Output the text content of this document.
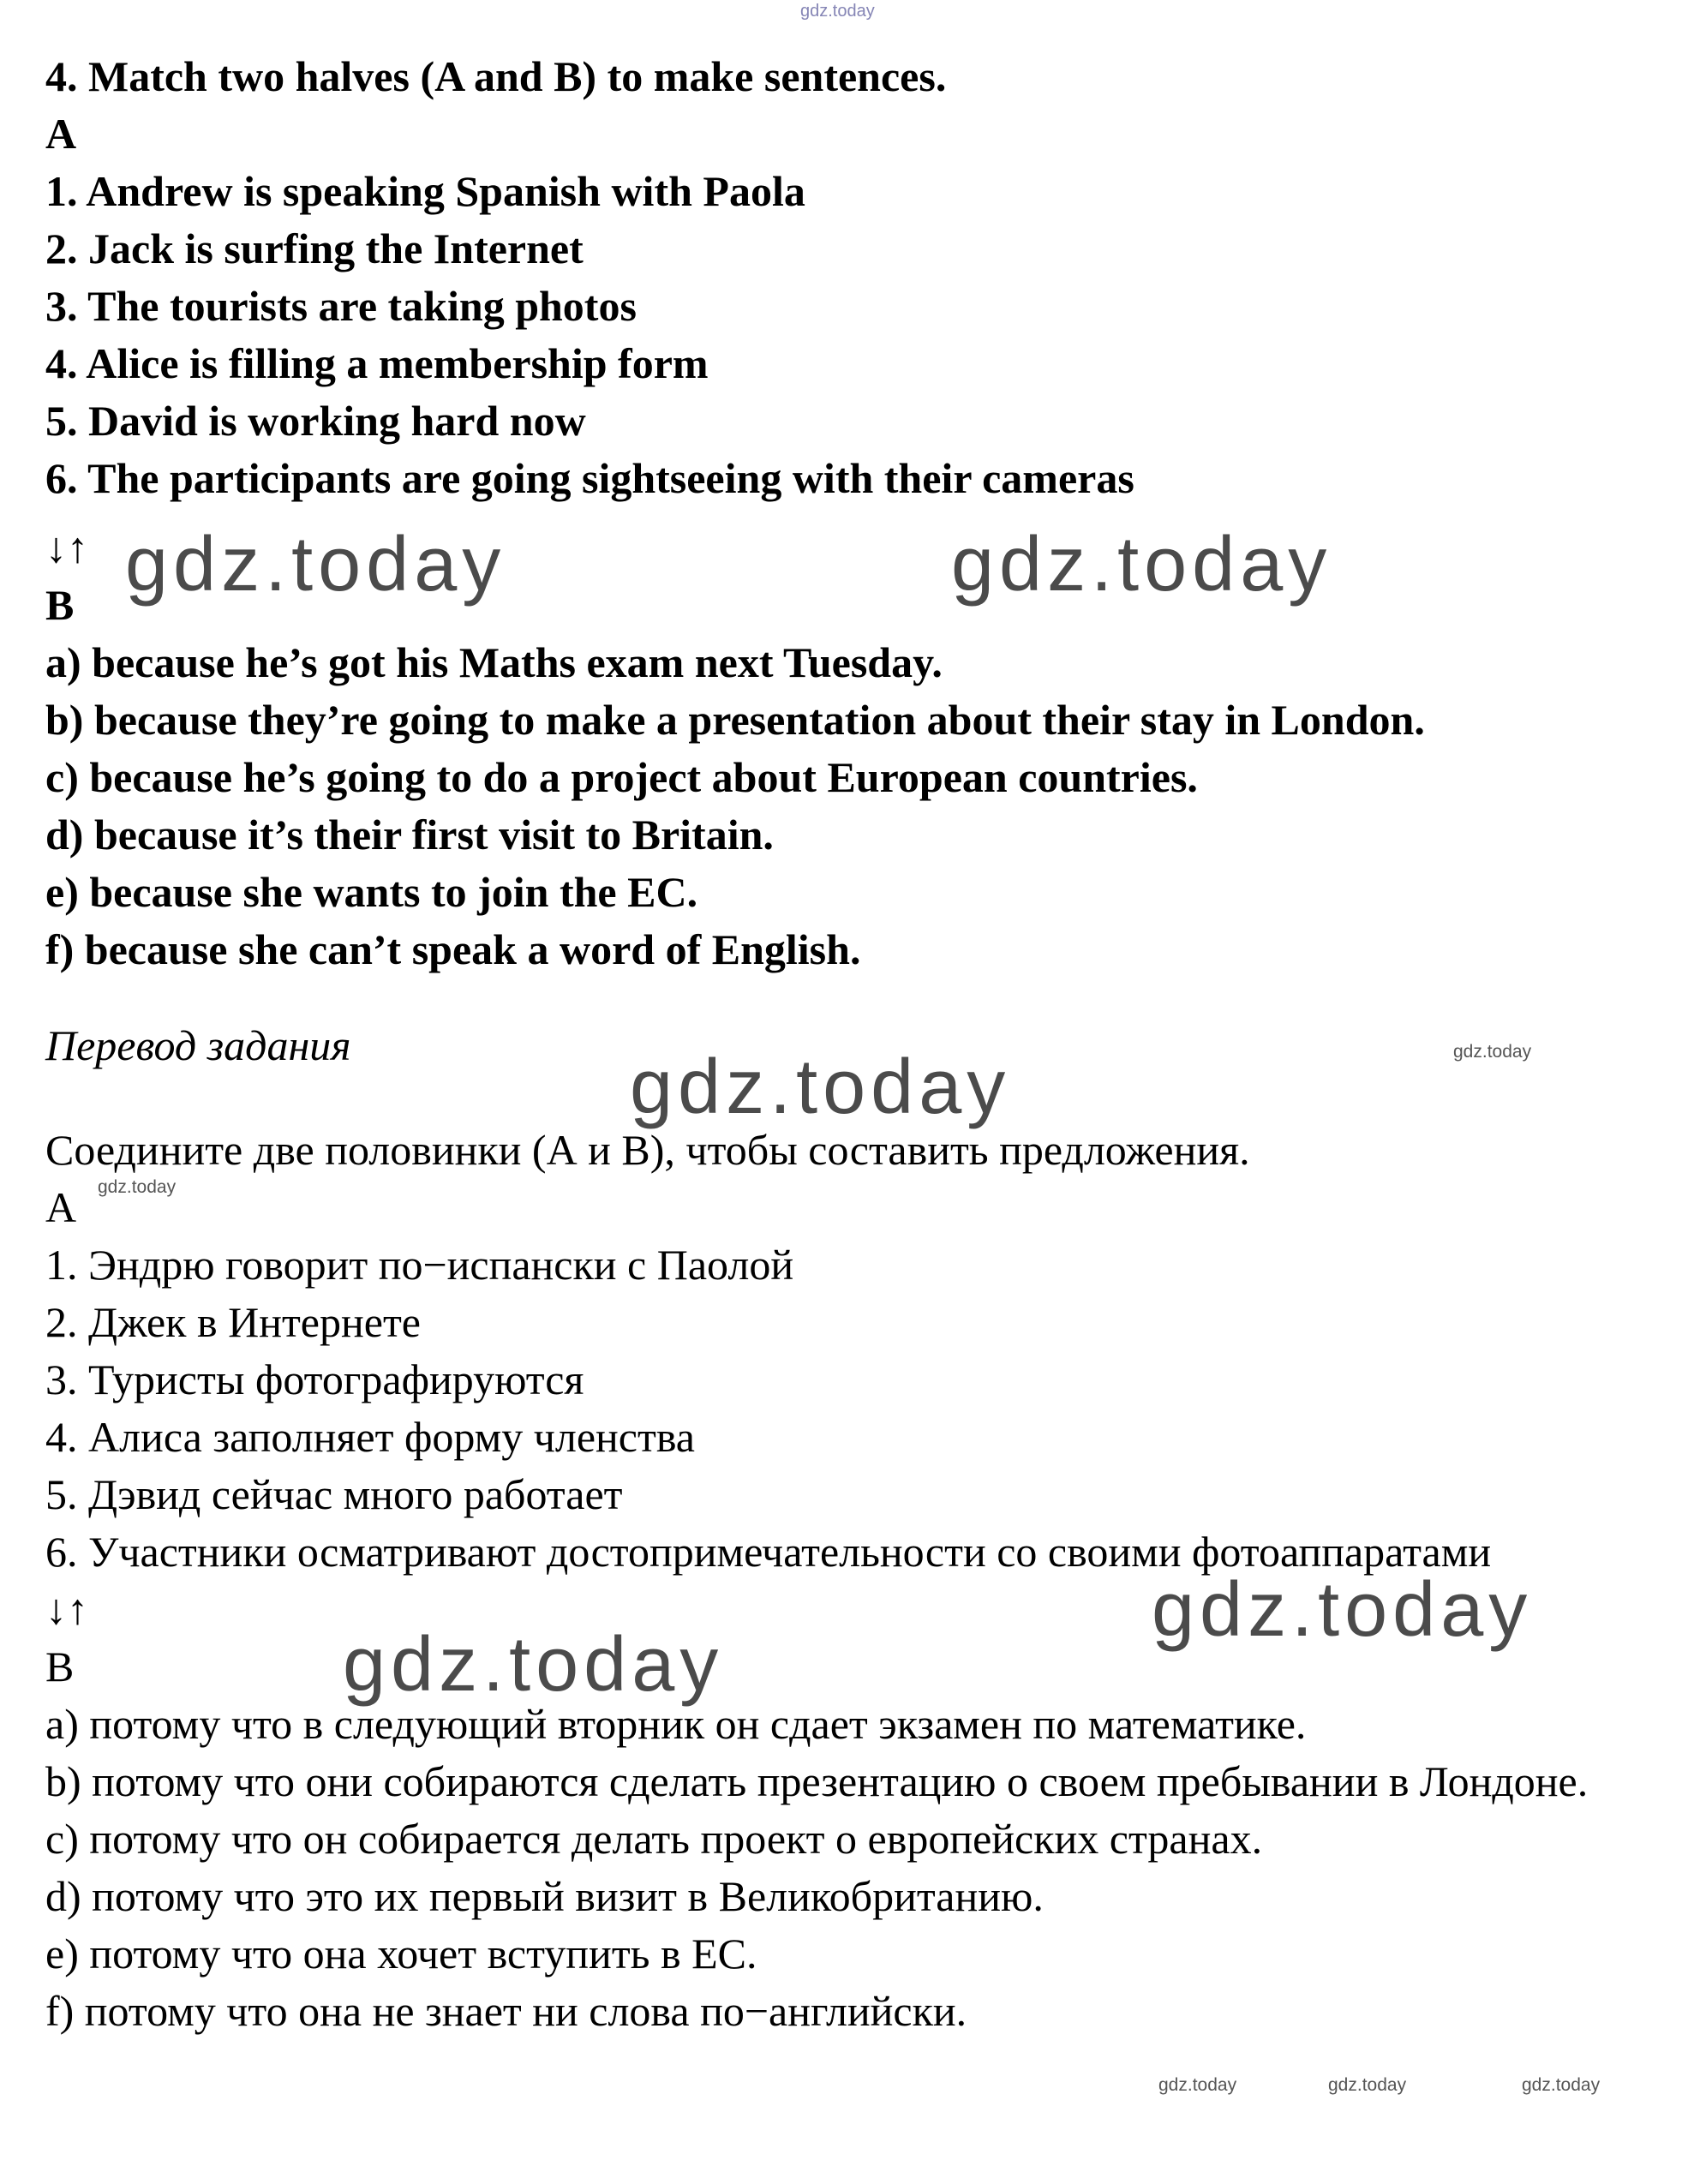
gdz.today
gdz.today	gdz.today
gdz.today	gdz.today
gdz.today
gdz.today
gdz.today
gdz.today	gdz.today	gdz.today
4. Match two halves (A and B) to make sentences.
A
1. Andrew is speaking Spanish with Paola
2. Jack is surfing the Internet
3. The tourists are taking photos
4. Alice is filling a membership form
5. David is working hard now
6. The participants are going sightseeing with their cameras
↓↑
B
a) because he’s got his Maths exam next Tuesday.
b) because they’re going to make a presentation about their stay in London.
c) because he’s going to do a project about European countries.
d) because it’s their first visit to Britain.
e) because she wants to join the EC.
f) because she can’t speak a word of English.
Перевод задания
Соедините две половинки (А и В), чтобы составить предложения.
A
1. Эндрю говорит по−испански с Паолой
2. Джек в Интернете
3. Туристы фотографируются
4. Алиса заполняет форму членства
5. Дэвид сейчас много работает
6. Участники осматривают достопримечательности со своими фотоаппаратами
↓↑
B
a) потому что в следующий вторник он сдает экзамен по математике.
b) потому что они собираются сделать презентацию о своем пребывании в Лондоне.
c) потому что он собирается делать проект о европейских странах.
d) потому что это их первый визит в Великобританию.
e) потому что она хочет вступить в ЕС.
f) потому что она не знает ни слова по−английски.
